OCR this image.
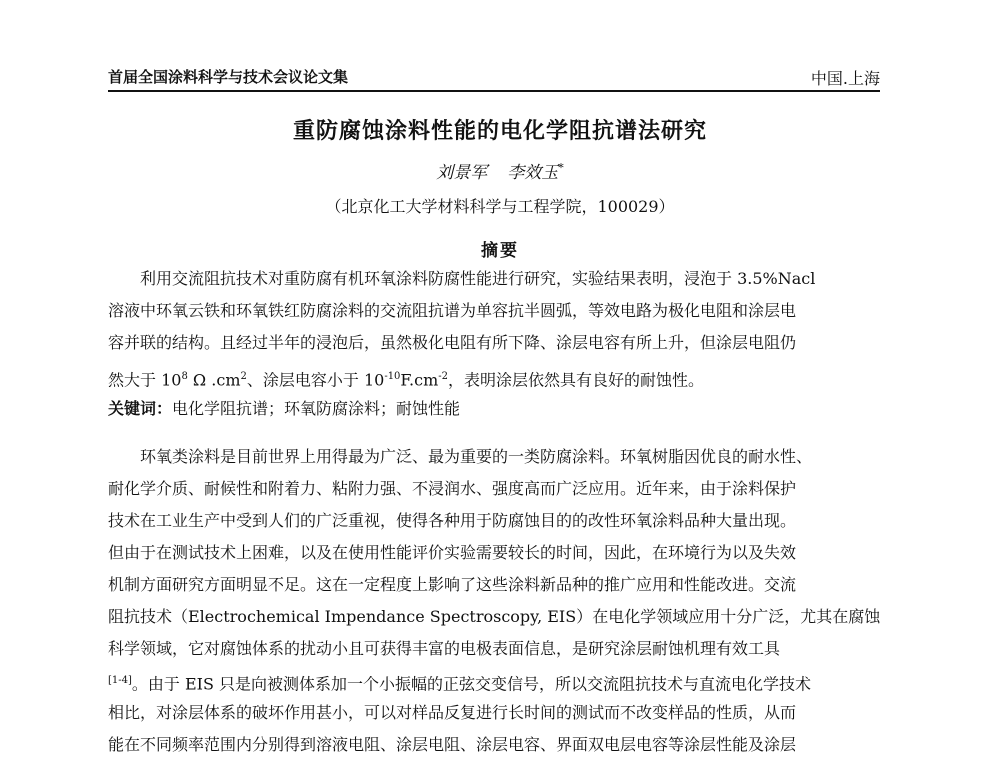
首届全国涂料科学与技术会议论文集	中国.上海
重防腐蚀涂料性能的电化学阻抗谱法研究
刘景军 李效玉*
（北京化工大学材料科学与工程学院，100029）
摘要
利用交流阻抗技术对重防腐有机环氧涂料防腐性能进行研究，实验结果表明，浸泡于 3.5%Nacl
溶液中环氧云铁和环氧铁红防腐涂料的交流阻抗谱为单容抗半圆弧，等效电路为极化电阻和涂层电
容并联的结构。且经过半年的浸泡后，虽然极化电阻有所下降、涂层电容有所上升，但涂层电阻仍
然大于 $10^8$ Ω $.cm^2$、涂层电容小于 $10^{-10}F.cm^{-2}$，表明涂层依然具有良好的耐蚀性。
关键词：电化学阻抗谱；环氧防腐涂料；耐蚀性能
环氧类涂料是目前世界上用得最为广泛、最为重要的一类防腐涂料。环氧树脂因优良的耐水性、
耐化学介质、耐候性和附着力、粘附力强、不浸润水、强度高而广泛应用。近年来，由于涂料保护
技术在工业生产中受到人们的广泛重视，使得各种用于防腐蚀目的的改性环氧涂料品种大量出现。
但由于在测试技术上困难，以及在使用性能评价实验需要较长的时间，因此，在环境行为以及失效
机制方面研究方面明显不足。这在一定程度上影响了这些涂料新品种的推广应用和性能改进。交流
阻抗技术（Electrochemical Impendance Spectroscopy, EIS）在电化学领域应用十分广泛，尤其在腐蚀
科学领域，它对腐蚀体系的扰动小且可获得丰富的电极表面信息，是研究涂层耐蚀机理有效工具
[1-4]。由于 EIS 只是向被测体系加一个小振幅的正弦交变信号，所以交流阻抗技术与直流电化学技术
相比，对涂层体系的破坏作用甚小，可以对样品反复进行长时间的测试而不改变样品的性质，从而
能在不同频率范围内分别得到溶液电阻、涂层电阻、涂层电容、界面双电层电容等涂层性能及涂层
